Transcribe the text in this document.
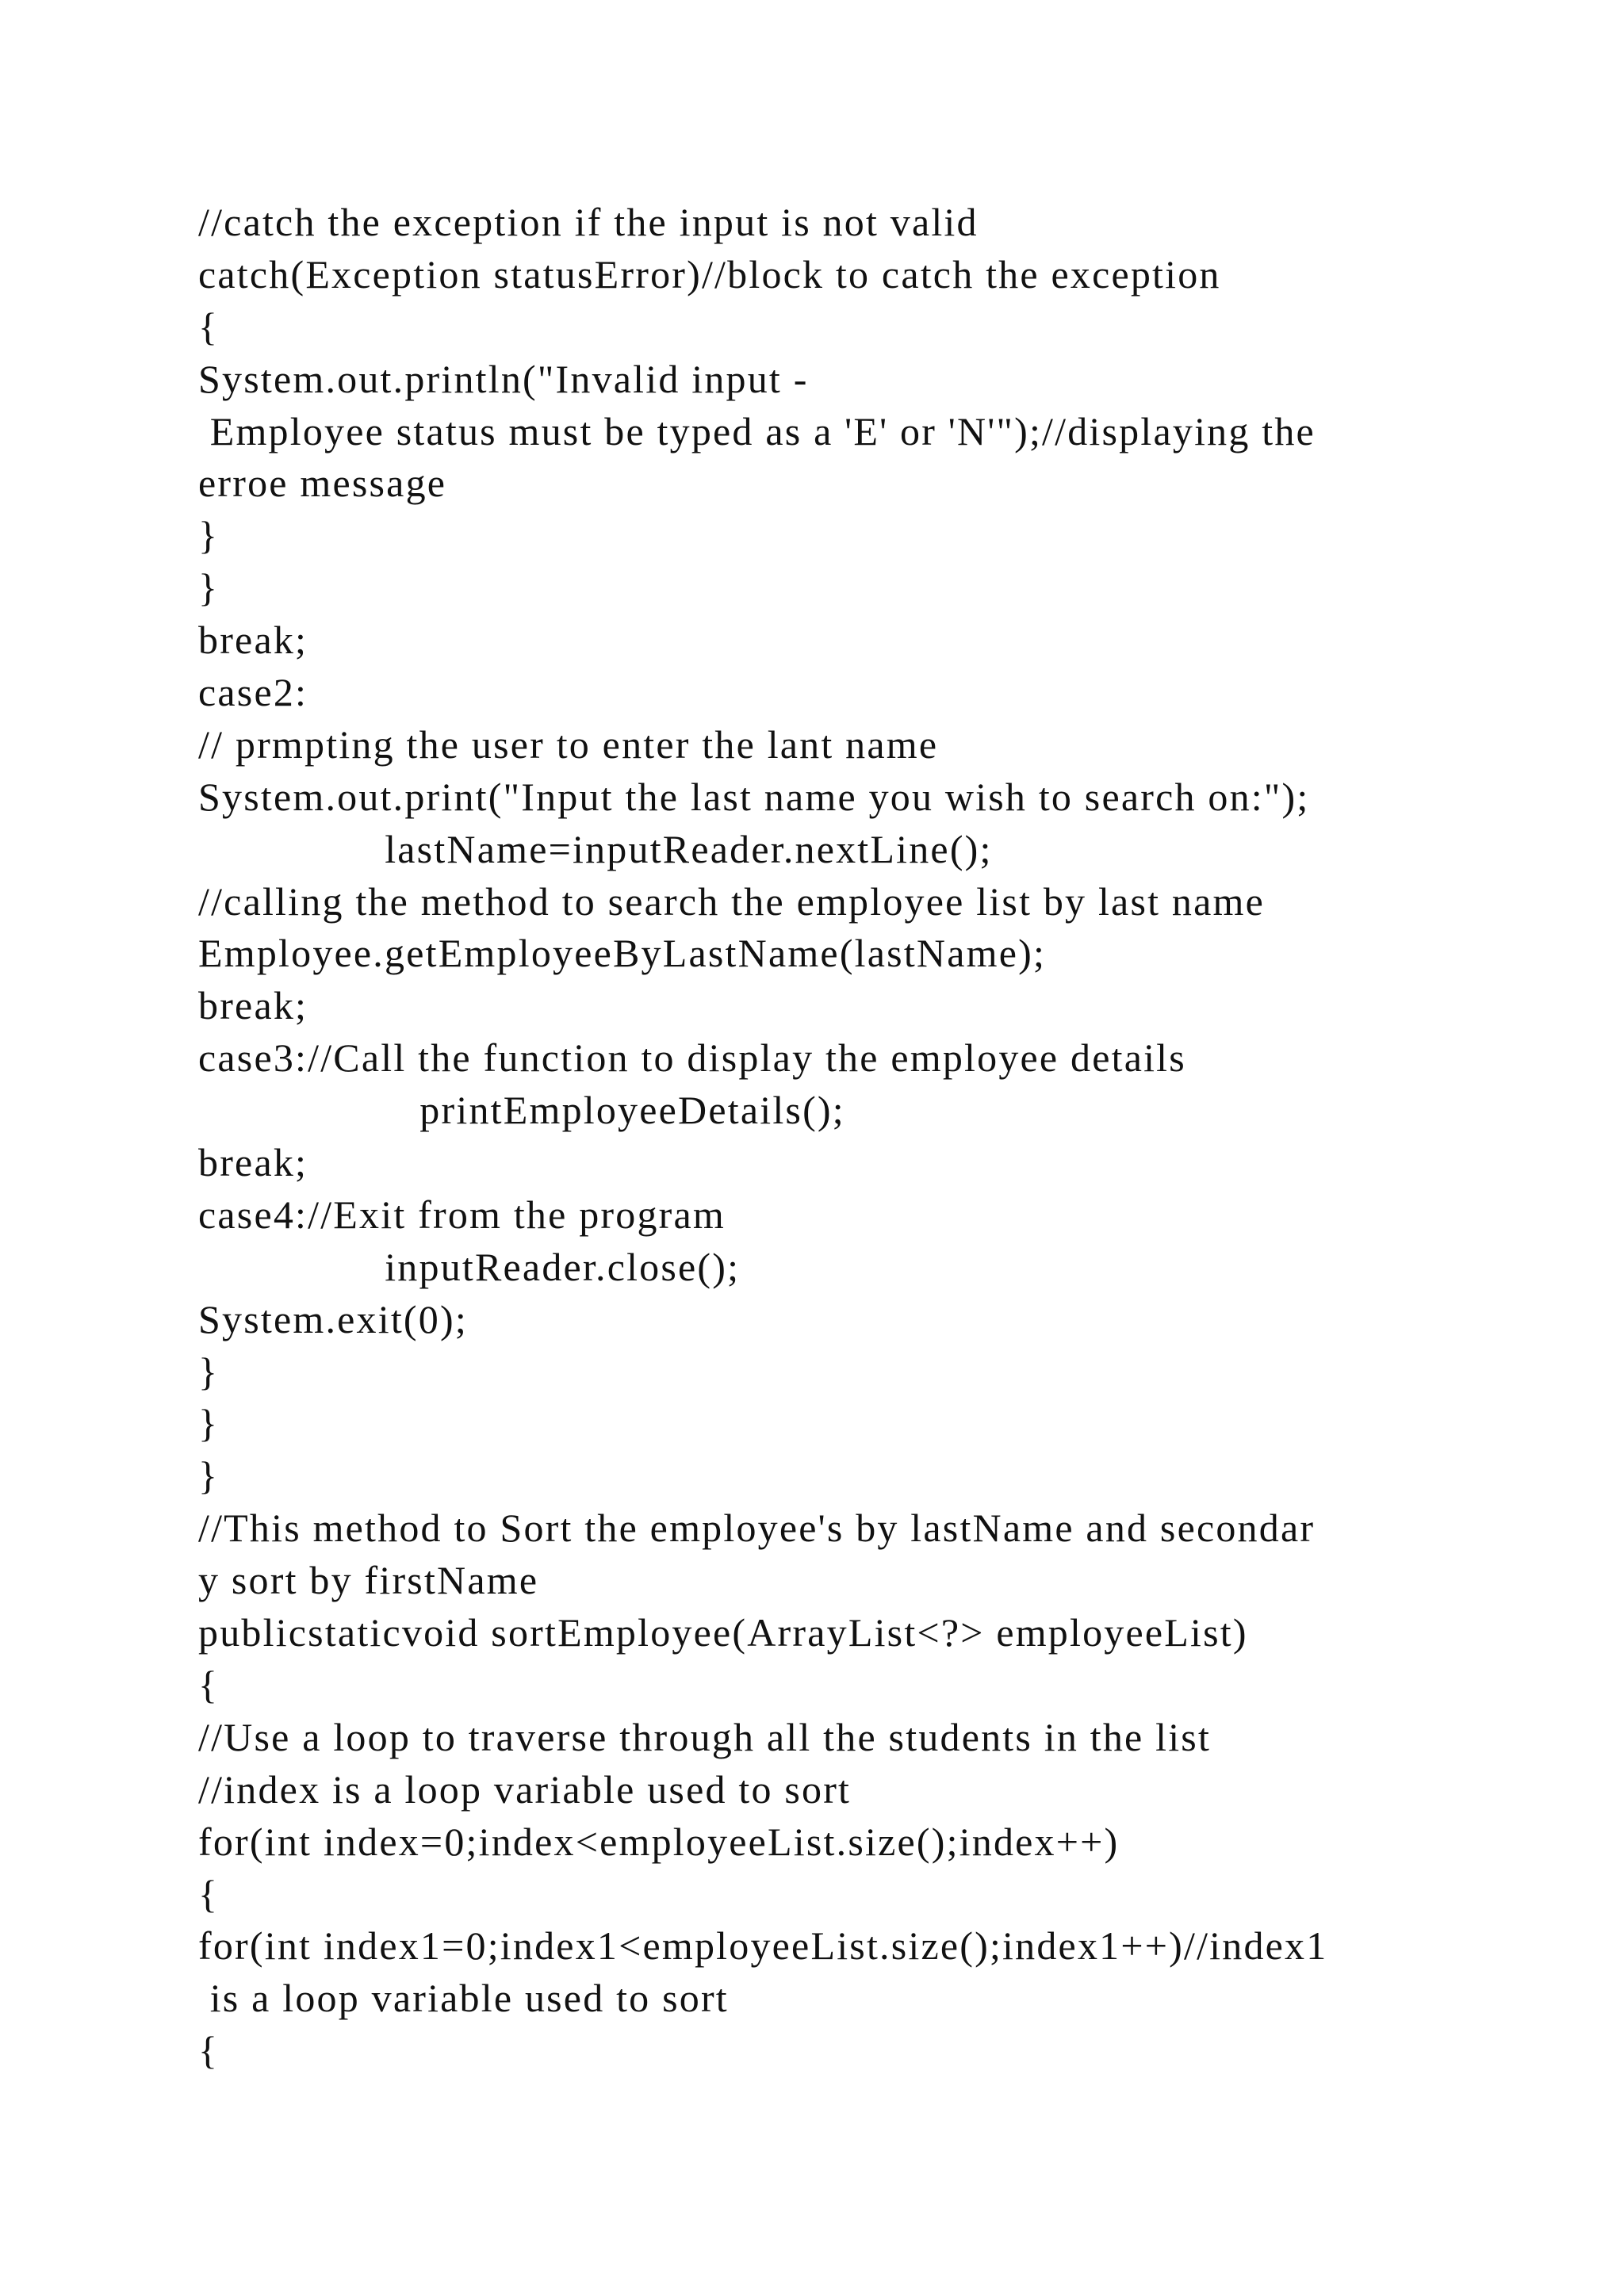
//catch the exception if the input is not valid

catch(Exception statusError)//block to catch the exception

{

System.out.println("Invalid input -

Employee status must be typed as a 'E' or 'N'");//displaying the

erroe message

}

}

break;

case2:

// prmpting the user to enter the lant name

System.out.print("Input the last name you wish to search on:");

lastName=inputReader.nextLine();

//calling the method to search the employee list by last name

Employee.getEmployeeByLastName(lastName);

break;

case3://Call the function to display the employee details

printEmployeeDetails();

break;

case4://Exit from the program

inputReader.close();

System.exit(0);

}

}

}

//This method to Sort the employee's by lastName and secondar

y sort by firstName

publicstaticvoid sortEmployee(ArrayList<?> employeeList)

{

//Use a loop to traverse through all the students in the list

//index is a loop variable used to sort

for(int index=0;index<employeeList.size();index++)

{

for(int index1=0;index1<employeeList.size();index1++)//index1

is a loop variable used to sort

{
